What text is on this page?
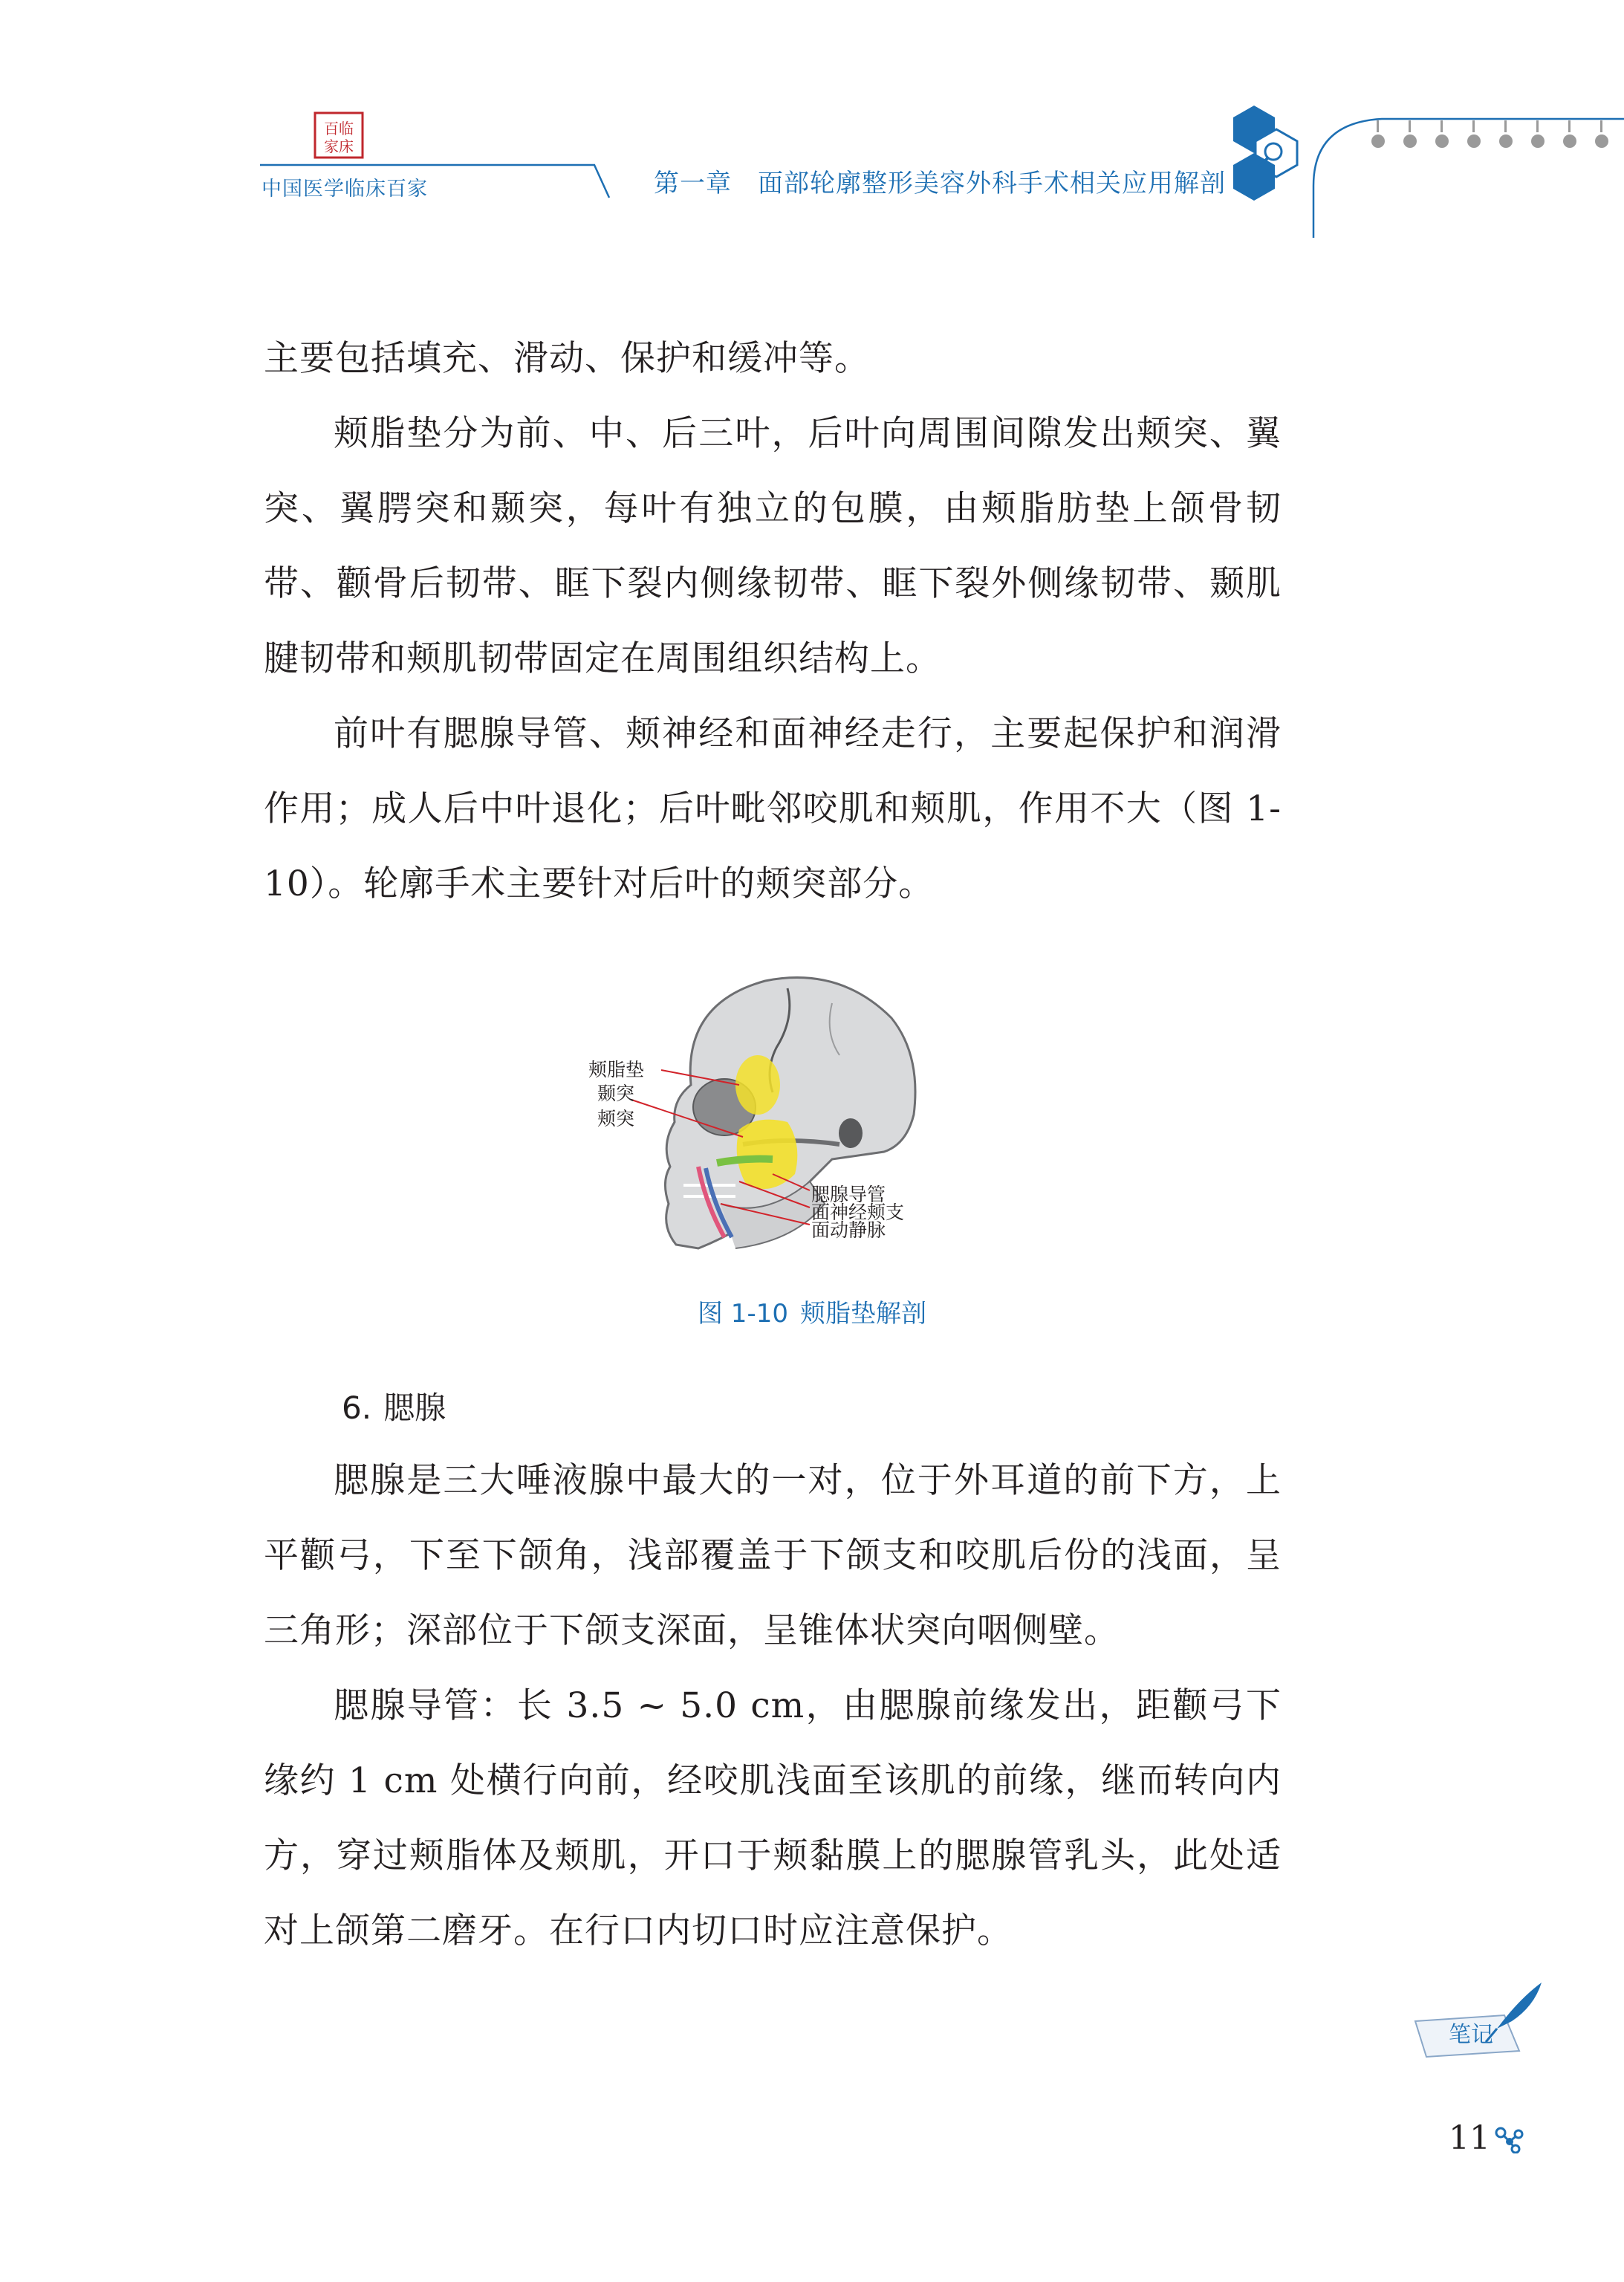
百临
家床
中国医学临床百家	第一章　面部轮廓整形美容外科手术相关应用解剖

主要包括填充、滑动、保护和缓冲等。

颊脂垫分为前、中、后三叶，后叶向周围间隙发出颊突、翼突、翼腭突和颞突，每叶有独立的包膜，由颊脂肪垫上颌骨韧带、颧骨后韧带、眶下裂内侧缘韧带、眶下裂外侧缘韧带、颞肌腱韧带和颊肌韧带固定在周围组织结构上。

前叶有腮腺导管、颊神经和面神经走行，主要起保护和润滑作用；成人后中叶退化；后叶毗邻咬肌和颊肌，作用不大（图 1-10）。轮廓手术主要针对后叶的颊突部分。

颊脂垫
颞突
颊突
腮腺导管
面神经颊支
面动静脉
图 1-10 颊脂垫解剖
6. 腮腺

腮腺是三大唾液腺中最大的一对，位于外耳道的前下方，上平颧弓，下至下颌角，浅部覆盖于下颌支和咬肌后份的浅面，呈三角形；深部位于下颌支深面，呈锥体状突向咽侧壁。

腮腺导管：长 3.5 ~ 5.0 cm，由腮腺前缘发出，距颧弓下缘约 1 cm 处横行向前，经咬肌浅面至该肌的前缘，继而转向内方，穿过颊脂体及颊肌，开口于颊黏膜上的腮腺管乳头，此处适对上颌第二磨牙。在行口内切口时应注意保护。

笔记
11
